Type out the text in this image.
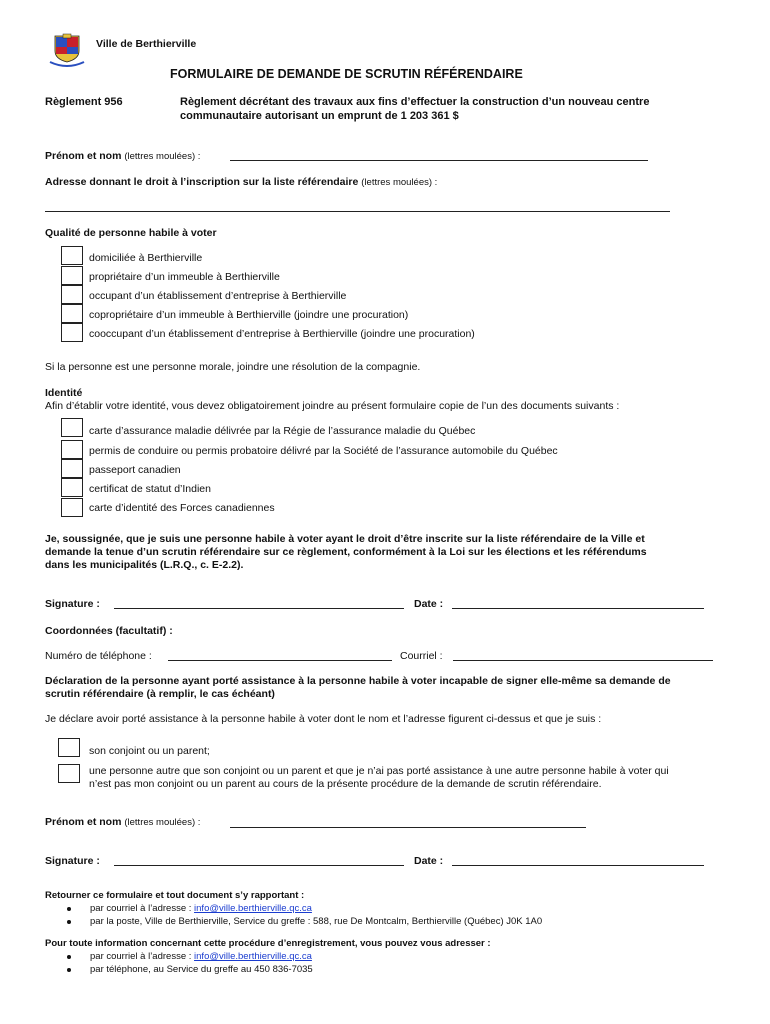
Ville de Berthierville
FORMULAIRE DE DEMANDE DE SCRUTIN RÉFÉRENDAIRE
Règlement 956	Règlement décrétant des travaux aux fins d’effectuer la construction d’un nouveau centre
communautaire autorisant un emprunt de 1 203 361 $
Prénom et nom (lettres moulées) :
Adresse donnant le droit à l’inscription sur la liste référendaire (lettres moulées) :
Qualité de personne habile à voter
domiciliée à Berthierville
propriétaire d’un immeuble à Berthierville
occupant d’un établissement d’entreprise à Berthierville
copropriétaire d’un immeuble à Berthierville (joindre une procuration)
cooccupant d’un établissement d’entreprise à Berthierville (joindre une procuration)
Si la personne est une personne morale, joindre une résolution de la compagnie.
Identité
Afin d’établir votre identité, vous devez obligatoirement joindre au présent formulaire copie de l’un des documents suivants :
carte d’assurance maladie délivrée par la Régie de l’assurance maladie du Québec
permis de conduire ou permis probatoire délivré par la Société de l’assurance automobile du Québec
passeport canadien
certificat de statut d’Indien
carte d’identité des Forces canadiennes
Je, soussignée, que je suis une personne habile à voter ayant le droit d’être inscrite sur la liste référendaire de la Ville et
demande la tenue d’un scrutin référendaire sur ce règlement, conformément à la Loi sur les élections et les référendums
dans les municipalités (L.R.Q., c. E-2.2).
Signature :	Date :
Coordonnées (facultatif) :
Numéro de téléphone :	Courriel :
Déclaration de la personne ayant porté assistance à la personne habile à voter incapable de signer elle-même sa demande de
scrutin référendaire (à remplir, le cas échéant)
Je déclare avoir porté assistance à la personne habile à voter dont le nom et l’adresse figurent ci-dessus et que je suis :
son conjoint ou un parent;
une personne autre que son conjoint ou un parent et que je n’ai pas porté assistance à une autre personne habile à voter qui
n’est pas mon conjoint ou un parent au cours de la présente procédure de la demande de scrutin référendaire.
Prénom et nom (lettres moulées) :
Signature :	Date :
Retourner ce formulaire et tout document s’y rapportant :
par courriel à l’adresse : info@ville.berthierville.qc.ca
par la poste, Ville de Berthierville, Service du greffe : 588, rue De Montcalm, Berthierville (Québec) J0K 1A0
Pour toute information concernant cette procédure d’enregistrement, vous pouvez vous adresser :
par courriel à l’adresse : info@ville.berthierville.qc.ca
par téléphone, au Service du greffe au 450 836-7035
